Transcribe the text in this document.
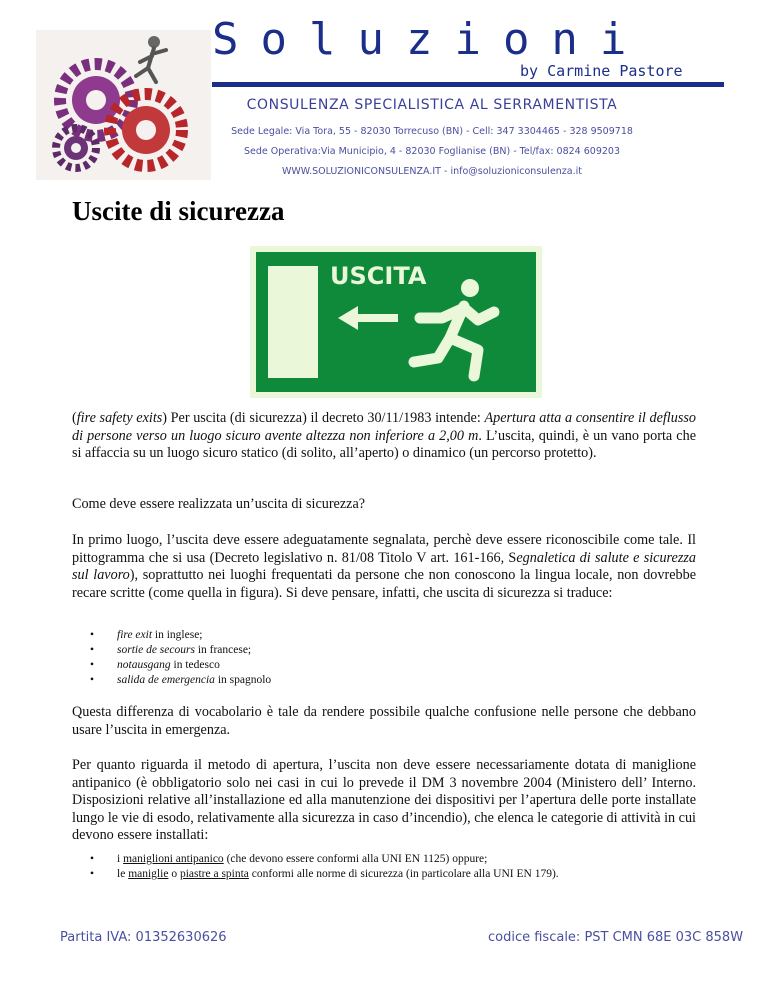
Soluzioni
by Carmine Pastore
CONSULENZA SPECIALISTICA AL SERRAMENTISTA
Sede Legale: Via Tora, 55 - 82030 Torrecuso (BN) - Cell: 347 3304465 - 328 9509718
Sede Operativa:Via Municipio, 4 - 82030 Foglianise (BN) - Tel/fax: 0824 609203
WWW.SOLUZIONICONSULENZA.IT - info@soluzioniconsulenza.it
Uscite di sicurezza
USCITA

(fire safety exits) Per uscita (di sicurezza) il decreto 30/11/1983 intende: Apertura atta a consentire il deflusso di persone verso un luogo sicuro avente altezza non inferiore a 2,00 m. L’uscita, quindi, è un vano porta che si affaccia su un luogo sicuro statico (di solito, all’aperto) o dinamico (un percorso protetto).

Come deve essere realizzata un’uscita di sicurezza?

In primo luogo, l’uscita deve essere adeguatamente segnalata, perchè deve essere riconoscibile come tale. Il pittogramma che si usa (Decreto legislativo n. 81/08 Titolo V art. 161-166, Segnaletica di salute e sicurezza sul lavoro), soprattutto nei luoghi frequentati da persone che non conoscono la lingua locale, non dovrebbe recare scritte (come quella in figura). Si deve pensare, infatti, che uscita di sicurezza si traduce:

• fire exit in inglese;
• sortie de secours in francese;
• notausgang in tedesco
• salida de emergencia in spagnolo
Questa differenza di vocabolario è tale da rendere possibile qualche confusione nelle persone che debbano usare l’uscita in emergenza.
Per quanto riguarda il metodo di apertura, l’uscita non deve essere necessariamente dotata di maniglione antipanico (è obbligatorio solo nei casi in cui lo prevede il DM 3 novembre 2004 (Ministero dell’ Interno. Disposizioni relative all’installazione ed alla manutenzione dei dispositivi per l’apertura delle porte installate lungo le vie di esodo, relativamente alla sicurezza in caso d’incendio), che elenca le categorie di attività in cui devono essere installati:
• i maniglioni antipanico (che devono essere conformi alla UNI EN 1125) oppure;
• le maniglie o piastre a spinta conformi alle norme di sicurezza (in particolare alla UNI EN 179).
Partita IVA: 01352630626	codice fiscale: PST CMN 68E 03C 858W
